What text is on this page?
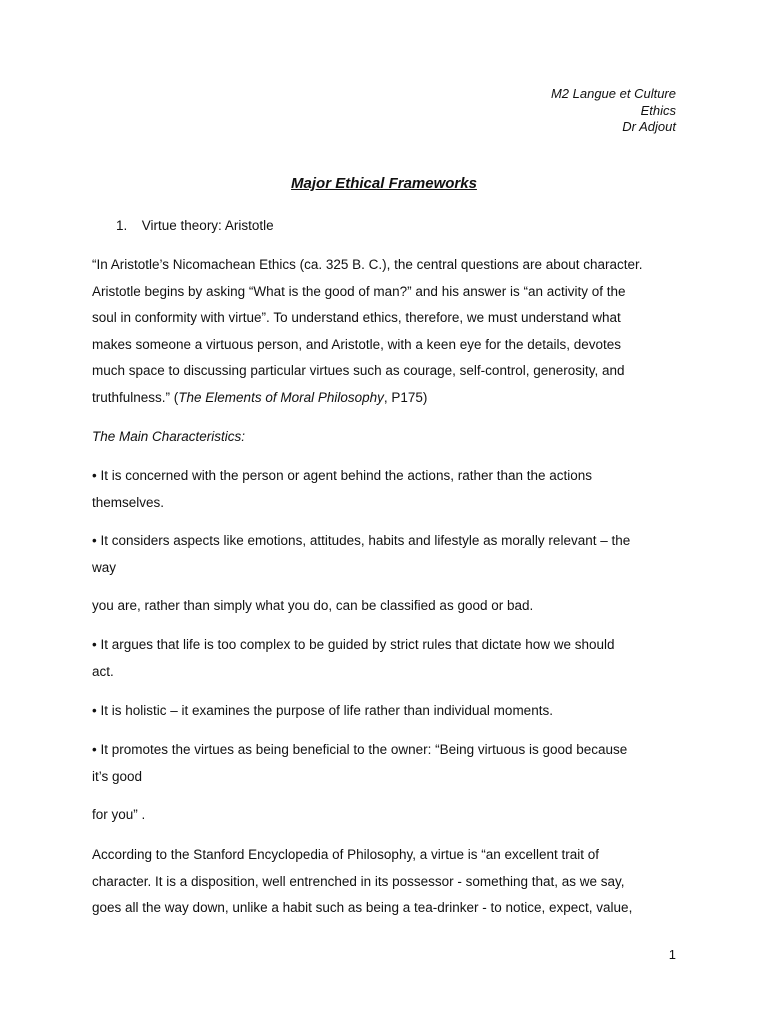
M2 Langue et Culture
Ethics
Dr Adjout
Major Ethical Frameworks
1. Virtue theory: Aristotle

“In Aristotle’s Nicomachean Ethics (ca. 325 B. C.), the central questions are about character.
Aristotle begins by asking “What is the good of man?” and his answer is “an activity of the
soul in conformity with virtue”. To understand ethics, therefore, we must understand what
makes someone a virtuous person, and Aristotle, with a keen eye for the details, devotes
much space to discussing particular virtues such as courage, self-control, generosity, and
truthfulness.” (The Elements of Moral Philosophy, P175)

The Main Characteristics:

• It is concerned with the person or agent behind the actions, rather than the actions
themselves.

• It considers aspects like emotions, attitudes, habits and lifestyle as morally relevant – the
way

you are, rather than simply what you do, can be classified as good or bad.

• It argues that life is too complex to be guided by strict rules that dictate how we should
act.

• It is holistic – it examines the purpose of life rather than individual moments.

• It promotes the virtues as being beneficial to the owner: “Being virtuous is good because
it’s good

for you” .

According to the Stanford Encyclopedia of Philosophy, a virtue is “an excellent trait of
character. It is a disposition, well entrenched in its possessor - something that, as we say,
goes all the way down, unlike a habit such as being a tea-drinker - to notice, expect, value,

1
